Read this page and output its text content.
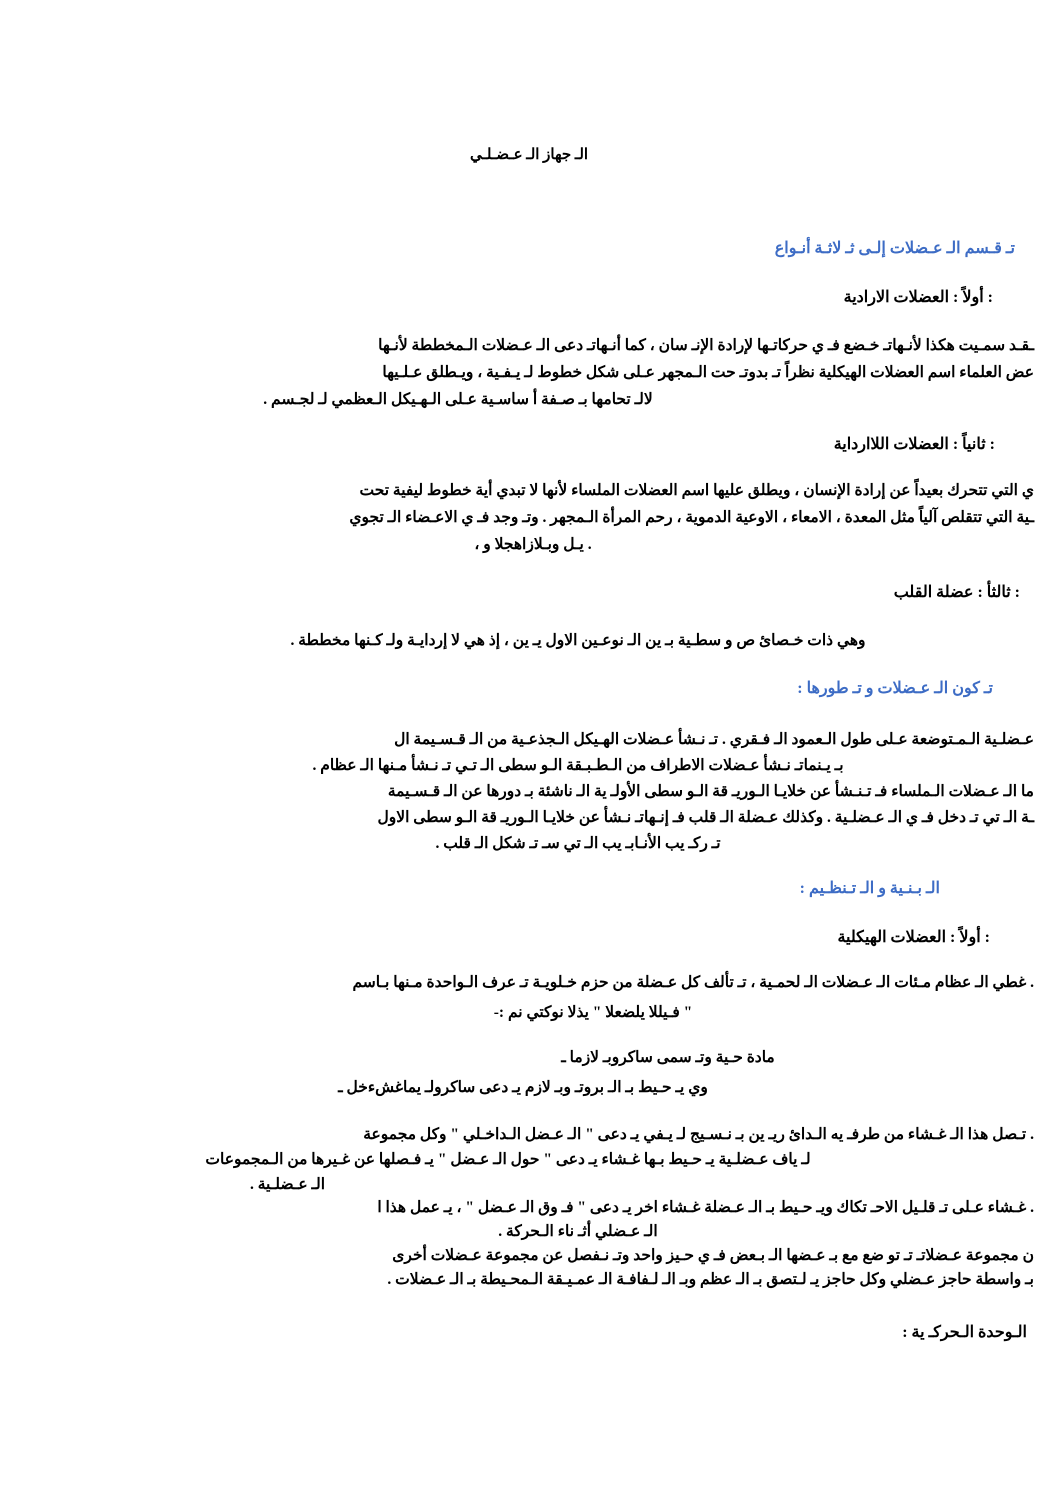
الـ جهاز الـ عـضـلـي
تـ قـسم الـ عـضلات إلـى ثـ لاثـة أنـواع
: أولاً : العضلات الارادية
ـقـد سمـيت هكذا لأنـهاتـ خـضع فـ ي حركاتـها لإرادة الإنـ سان ، كما أنـهاتـ دعى الـ عـضلات الـمخططة لأنـها
عض العلماء اسم العضلات الهيكلية نظراً تـ بدوتـ حت الـمجهر عـلى شكل خطوط لـ يـفـية ، ويـطلق عـلـيها
لالـ تحامها بـ صـفة أ ساسـية عـلى الـهـيكل الـعظمي لـ لجـسم .
: ثانياً : العضلات اللاارداية
ي التي تتحرك بعيداً عن إرادة الإنسان ، ويطلق عليها اسم العضلات الملساء لأنها لا تبدي أية خطوط ليفية تحت
ـية التي تتقلص آلياً مثل المعدة ، الامعاء ، الاوعية الدموية ، رحم المرأة الـمجهر . وتـ وجد فـ ي الاعـضاء الـ تجوي
. يـل وبـلازاهجلا و ،
: ثالثأ : عضلة القلب
وهي ذات خـصائ ص و سطـية بـ ين الـ نوعـين الاول يـ ين ، إذ هي لا إردايـة ولـ كـنها مخططة .
تـ كون الـ عـضلات و تـ طورها :
عـضلـية الـمـتوضعة عـلى طول الـعمود الـ فـقري . تـ نـشأ عـضلات الهـيكل الـجذعـية من الـ قـسـيمة ال
بـ يـنماتـ نـشأ عـضلات الاطراف من الـطـبـقة الـو سطى الـ تـي تـ نـشأ مـنها الـ عظام .
ما الـ عـضلات الـملساء فـ تـنـشأ عن خلايـا الـوريـ قة الـو سطى الأولـ ية الـ ناشئة بـ دورها عن الـ قـسـيمة
ـة الـ تي تـ دخل فـ ي الـ عـضلـية . وكذلك عـضلة الـ قلب فـ إنـهاتـ نـشأ عن خلايـا الـوريـ قة الـو سطى الاول
تـ ركـ يب الأنـابـ يب الـ تي سـ تـ شكل الـ قلب .
الـ بـنـية و الـ تـنظـيم :
: أولاً : العضلات الهيكلية
. غطي الـ عظام مـئات الـ عـضلات الـ لحمـية ، تـ تألف كل عـضلة من حزم خـلويـة تـ عرف الـواحدة مـنها بـاسم
" فـيللا يلضعلا " يذلا نوكتي نم :-
مادة حـية وتـ سمى ساكروبـ لازما ـ
وي يـ حـيط بـ الـ بروتـ وبـ لازم يـ دعى ساكرولـ يماغشءخل ـ
. تـصل هذا الـ غـشاء من طرفـ يه الـدائ ريـ ين بـ نـسـيج لـ يـفي يـ دعى " الـ عـضل الـداخـلي " وكل مجموعة
لـ ياف عـضلـية يـ حـيط بـها غـشاء يـ دعى " حول الـ عـضل " يـ فـصلها عن غـيرها من الـمجموعات
الـ عـضلـية .
. غـشاء عـلى تـ قلـيل الاحـ تكاك ويـ حـيط بـ الـ عـضلة غـشاء اخر يـ دعى " فـ وق الـ عـضل " ، يـ عمل هذا ا
الـ عـضلي أثـ ناء الـحركة .
ن مجموعة عـضلاتـ تـ تو ضع مع بـ عـضها الـ بـعض فـ ي حـيز واحد وتـ نـفصل عن مجموعة عـضلات أخرى
بـ واسطة حاجز عـضلي وكل حاجز يـ لـتصق بـ الـ عظم وبـ الـ لـفافـة الـ عمـيـقة الـمحـيطة بـ الـ عـضلات .
الـوحدة الـحركـ ية :
